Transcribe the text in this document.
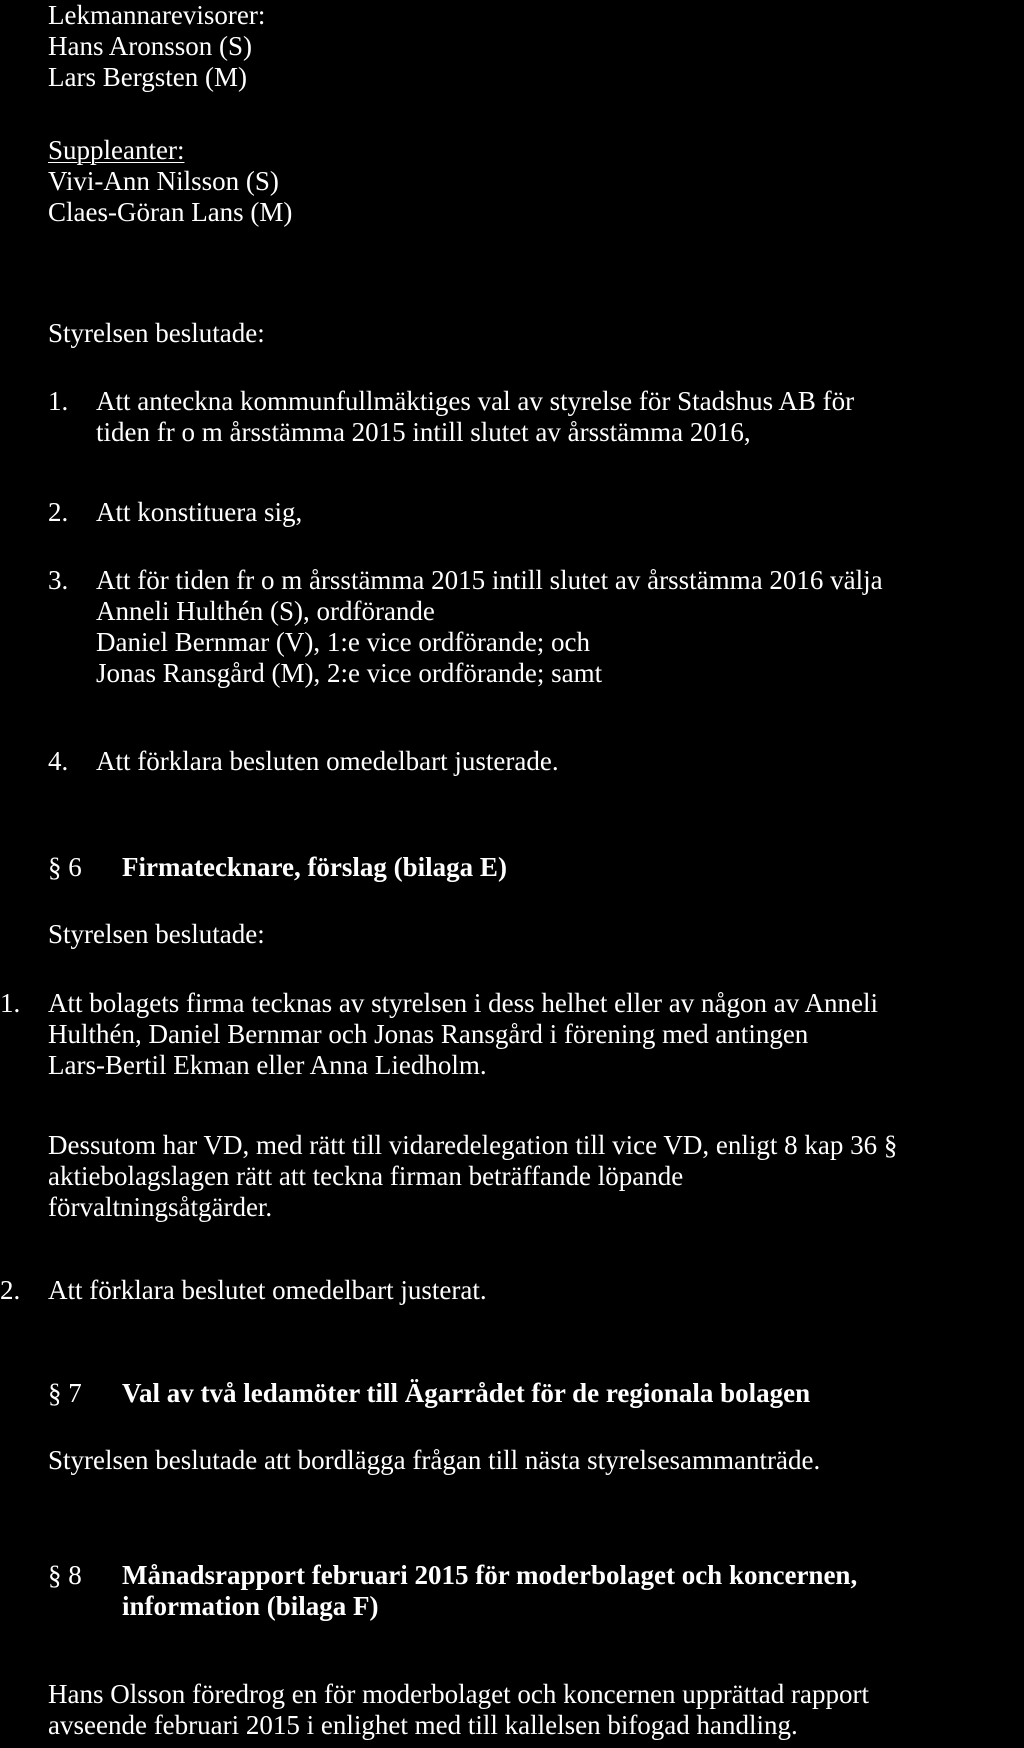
Lekmannarevisorer:
Hans Aronsson (S)
Lars Bergsten (M)
Suppleanter:
Vivi-Ann Nilsson (S)
Claes-Göran Lans (M)
Styrelsen beslutade:
1. Att anteckna kommunfullmäktiges val av styrelse för Stadshus AB för
tiden fr o m årsstämma 2015 intill slutet av årsstämma 2016,
2. Att konstituera sig,
3. Att för tiden fr o m årsstämma 2015 intill slutet av årsstämma 2016 välja
Anneli Hulthén (S), ordförande
Daniel Bernmar (V), 1:e vice ordförande; och
Jonas Ransgård (M), 2:e vice ordförande; samt
4. Att förklara besluten omedelbart justerade.
§ 6 Firmatecknare, förslag (bilaga E)
Styrelsen beslutade:
1. Att bolagets firma tecknas av styrelsen i dess helhet eller av någon av Anneli
Hulthén, Daniel Bernmar och Jonas Ransgård i förening med antingen
Lars-Bertil Ekman eller Anna Liedholm.
Dessutom har VD, med rätt till vidaredelegation till vice VD, enligt 8 kap 36 §
aktiebolagslagen rätt att teckna firman beträffande löpande
förvaltningsåtgärder.
2. Att förklara beslutet omedelbart justerat.
§ 7 Val av två ledamöter till Ägarrådet för de regionala bolagen
Styrelsen beslutade att bordlägga frågan till nästa styrelsesammanträde.
§ 8 Månadsrapport februari 2015 för moderbolaget och koncernen,
information (bilaga F)
Hans Olsson föredrog en för moderbolaget och koncernen upprättad rapport
avseende februari 2015 i enlighet med till kallelsen bifogad handling.
